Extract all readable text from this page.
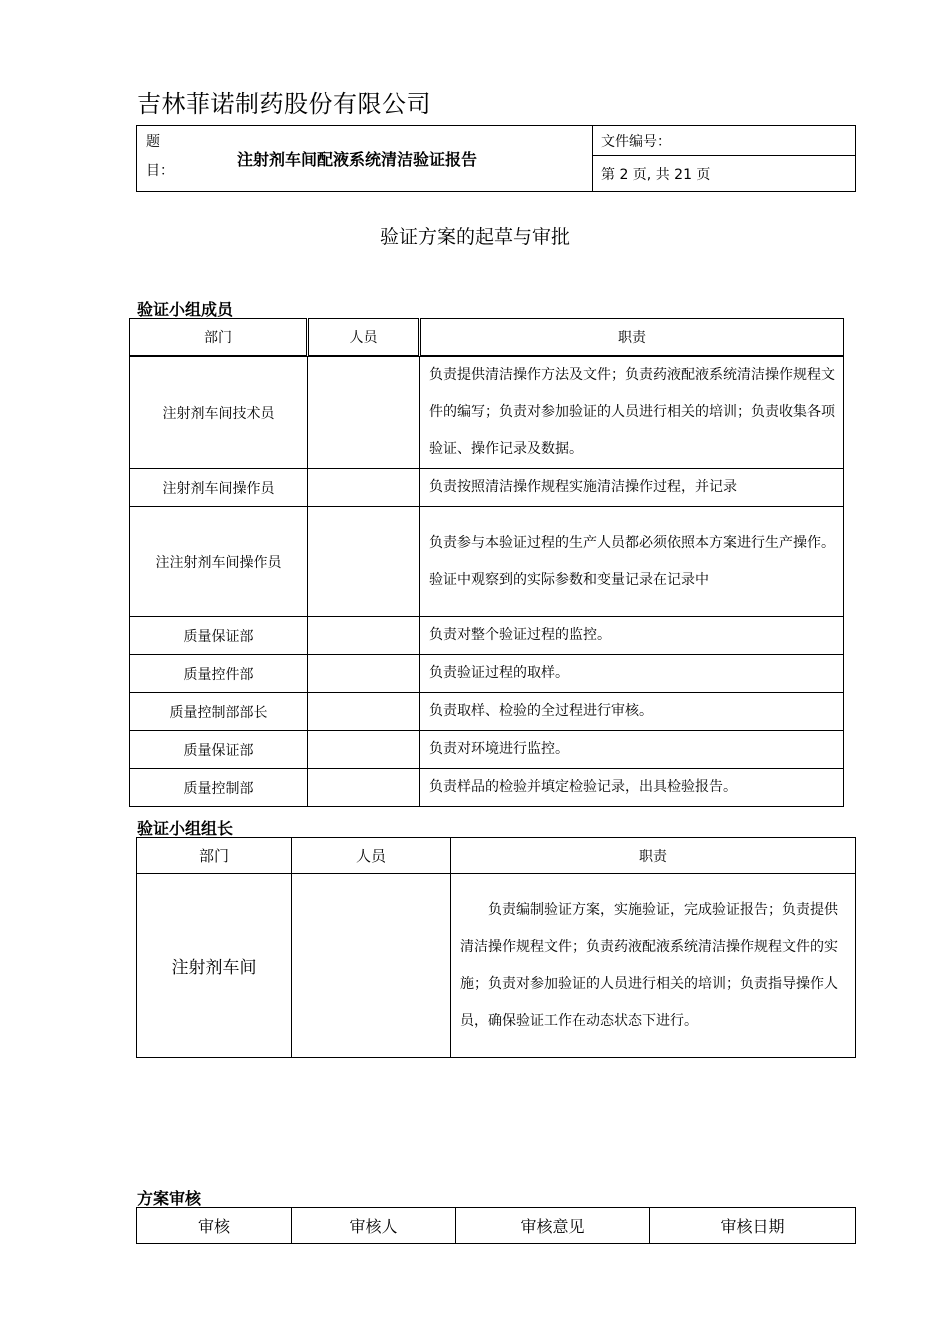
吉林菲诺制药股份有限公司
题目：
注射剂车间配液系统清洁验证报告
	文件编号：
第 2 页, 共 21 页
验证方案的起草与审批
验证小组成员
部门	人员	职责
注射剂车间技术员		负责提供清洁操作方法及文件；负责药液配液系统清洁操作规程文件的编写；负责对参加验证的人员进行相关的培训；负责收集各项验证、操作记录及数据。
注射剂车间操作员		负责按照清洁操作规程实施清洁操作过程，并记录
注注射剂车间操作员		负责参与本验证过程的生产人员都必须依照本方案进行生产操作。验证中观察到的实际参数和变量记录在记录中
质量保证部		负责对整个验证过程的监控。
质量控件部		负责验证过程的取样。
质量控制部部长		负责取样、检验的全过程进行审核。
质量保证部		负责对环境进行监控。
质量控制部		负责样品的检验并填定检验记录，出具检验报告。
验证小组组长
部门	人员	职责
注射剂车间		负责编制验证方案，实施验证，完成验证报告；负责提供清洁操作规程文件；负责药液配液系统清洁操作规程文件的实施；负责对参加验证的人员进行相关的培训；负责指导操作人员，确保验证工作在动态状态下进行。
方案审核
审核	审核人	审核意见	审核日期
